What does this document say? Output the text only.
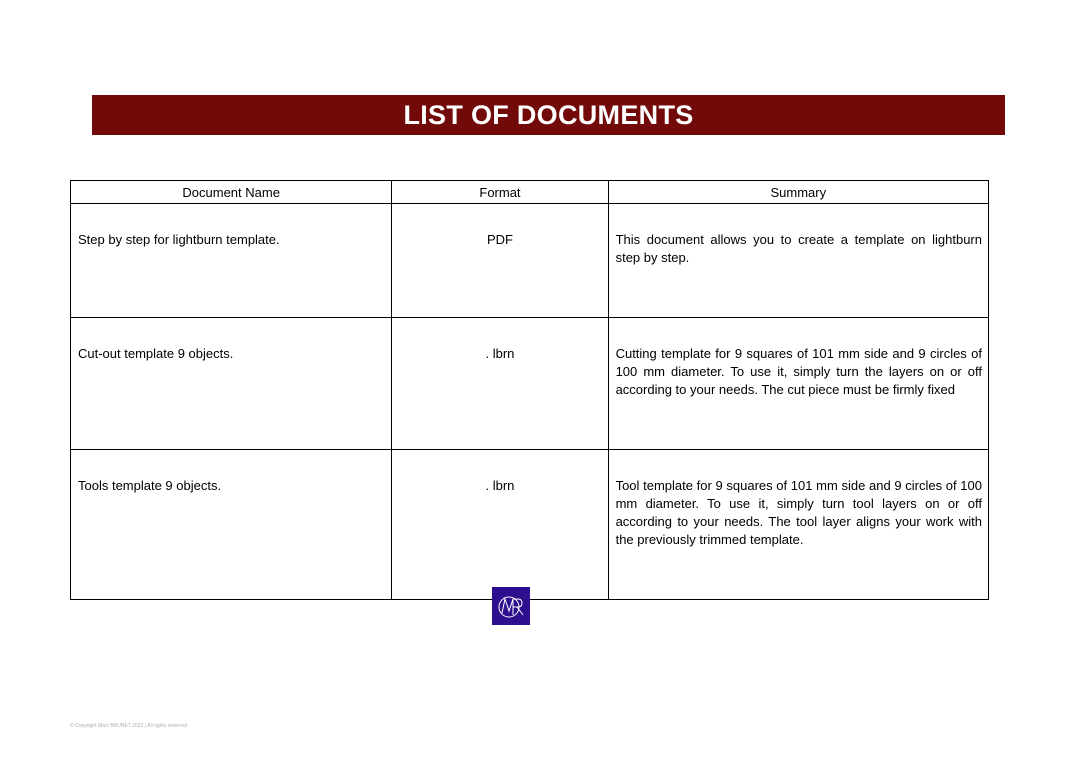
LIST OF DOCUMENTS
Document Name	Format	Summary
Step by step for lightburn template.	PDF	This document allows you to create a template on lightburn step by step.
Cut-out template 9 objects.	. lbrn	Cutting template for 9 squares of 101 mm side and 9 circles of 100 mm diameter. To use it, simply turn the layers on or off according to your needs. The cut piece must be firmly fixed
Tools template 9 objects.	. lbrn	Tool template for 9 squares of 101 mm side and 9 circles of 100 mm diameter. To use it, simply turn tool layers on or off according to your needs. The tool layer aligns your work with the previously trimmed template.
© Copyright Marc BRUNET 2022 | All rights reserved
